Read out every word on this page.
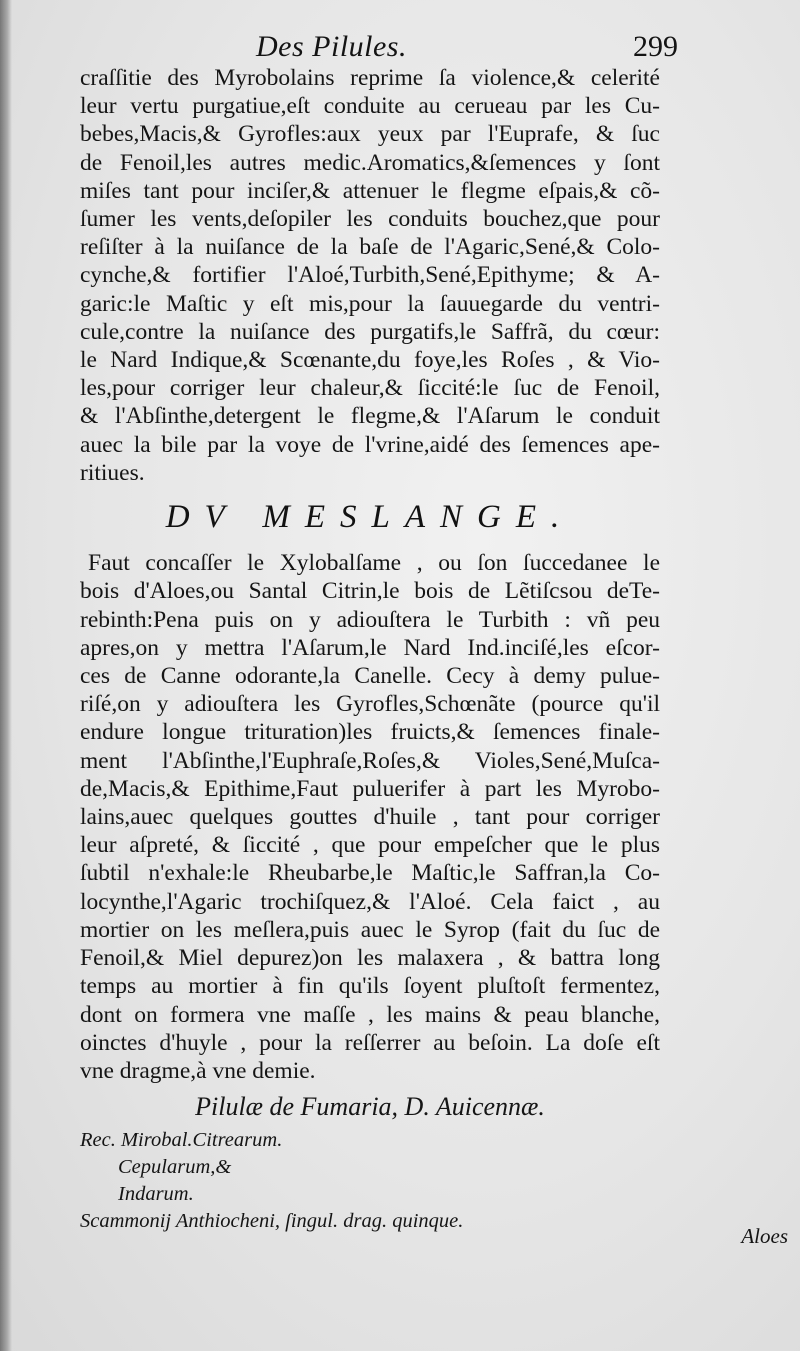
Des Pilules.	299
craſſitie des Myrobolains reprime ſa violence,& celerité
leur vertu purgatiue,eſt conduite au cerueau par les Cu-
bebes,Macis,& Gyrofles:aux yeux par l'Euprafe, & ſuc
de Fenoil,les autres medic.Aromatics,&ſemences y ſont
miſes tant pour inciſer,& attenuer le flegme eſpais,& cõ-
ſumer les vents,deſopiler les conduits bouchez,que pour
reſiſter à la nuiſance de la baſe de l'Agaric,Sené,& Colo-
cynche,& fortifier l'Aloé,Turbith,Sené,Epithyme; & A-
garic:le Maſtic y eſt mis,pour la ſauuegarde du ventri-
cule,contre la nuiſance des purgatifs,le Saffrã, du cœur:
le Nard Indique,& Scœnante,du foye,les Roſes , & Vio-
les,pour corriger leur chaleur,& ſiccité:le ſuc de Fenoil,
& l'Abſinthe,detergent le flegme,& l'Aſarum le conduit
auec la bile par la voye de l'vrine,aidé des ſemences ape-
ritiues.
DV MESLANGE.
Faut concaſſer le Xylobalſame , ou ſon ſuccedanee le
bois d'Aloes,ou Santal Citrin,le bois de Lẽtiſcsou deTe-
rebinth:Pena puis on y adiouſtera le Turbith : vñ peu
apres,on y mettra l'Aſarum,le Nard Ind.inciſé,les eſcor-
ces de Canne odorante,la Canelle. Cecy à demy pulue-
riſé,on y adiouſtera les Gyrofles,Schœnãte (pource qu'il
endure longue trituration)les fruicts,& ſemences finale-
ment l'Abſinthe,l'Euphraſe,Roſes,& Violes,Sené,Muſca-
de,Macis,& Epithime,Faut puluerifer à part les Myrobo-
lains,auec quelques gouttes d'huile , tant pour corriger
leur aſpreté, & ſiccité , que pour empeſcher que le plus
ſubtil n'exhale:le Rheubarbe,le Maſtic,le Saffran,la Co-
locynthe,l'Agaric trochiſquez,& l'Aloé. Cela faict , au
mortier on les meſlera,puis auec le Syrop (fait du ſuc de
Fenoil,& Miel depurez)on les malaxera , & battra long
temps au mortier à fin qu'ils ſoyent pluſtoſt fermentez,
dont on formera vne maſſe , les mains & peau blanche,
oinctes d'huyle , pour la reſſerrer au beſoin. La doſe eſt
vne dragme,à vne demie.
Pilulæ de Fumaria, D. Auicennæ.
Rec. Mirobal.Citrearum.
Cepularum,&
Indarum.
Scammonij Anthiocheni, ſingul. drag. quinque.
Aloes
